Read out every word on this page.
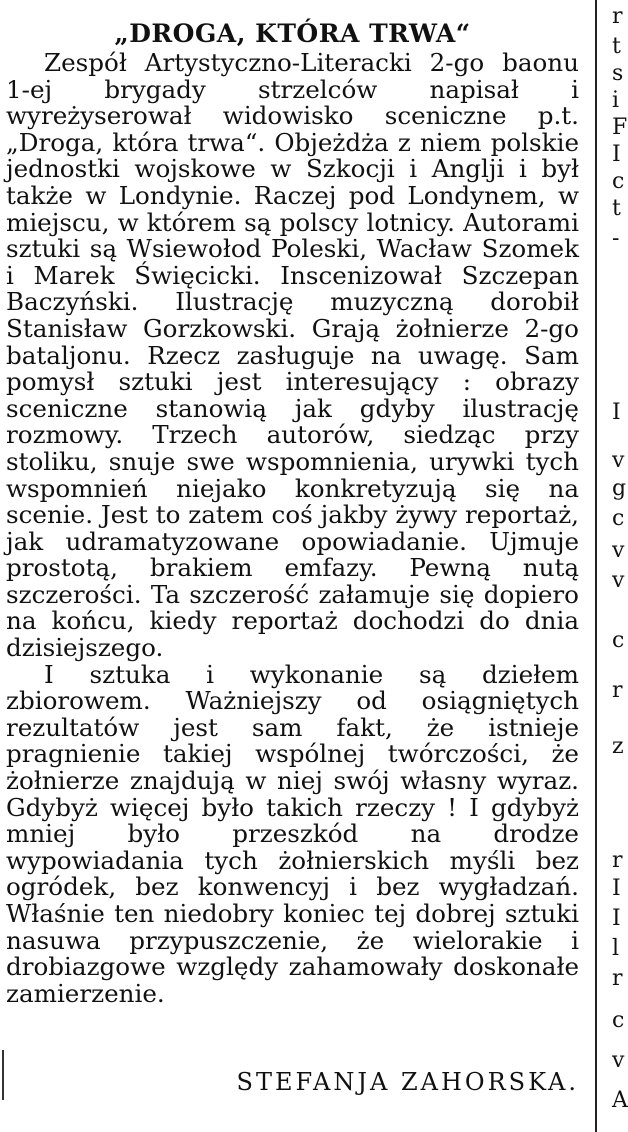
„DROGA, KTÓRA TRWA“

Zespół Artystyczno-Literacki 2-go baonu 1-ej brygady strzelców napisał i wyreżyserował widowisko sceniczne p.t. „Droga, która trwa“. Objeżdża z niem polskie jednostki wojskowe w Szkocji i Anglji i był także w Londynie. Raczej pod Londynem, w miejscu, w którem są polscy lotnicy. Autorami sztuki są Wsiewołod Poleski, Wacław Szomek i Marek Święcicki. Inscenizował Szczepan Baczyński. Ilustrację muzyczną dorobił Stanisław Gorzkowski. Grają żołnierze 2-go bataljonu. Rzecz zasługuje na uwagę. Sam pomysł sztuki jest interesujący : obrazy sceniczne stanowią jak gdyby ilustrację rozmowy. Trzech autorów, siedząc przy stoliku, snuje swe wspomnienia, urywki tych wspomnień niejako konkretyzują się na scenie. Jest to zatem coś jakby żywy reportaż, jak udramatyzowane opowiadanie. Ujmuje prostotą, brakiem emfazy. Pewną nutą szczerości. Ta szczerość załamuje się dopiero na końcu, kiedy reportaż dochodzi do dnia dzisiejszego.

I sztuka i wykonanie są dziełem zbiorowem. Ważniejszy od osiągniętych rezultatów jest sam fakt, że istnieje pragnienie takiej wspólnej twórczości, że żołnierze znajdują w niej swój własny wyraz. Gdybyż więcej było takich rzeczy ! I gdybyż mniej było przeszkód na drodze wypowiadania tych żołnierskich myśli bez ogródek, bez konwencyj i bez wygładzań. Właśnie ten niedobry koniec tej dobrej sztuki nasuwa przypuszczenie, że wielorakie i drobiazgowe względy zahamowały doskonałe zamierzenie.

STEFANJA ZAHORSKA.
r
t
s
i
F
I
c
t
-
I
v
g
c
v
v
c
r
z
r
I
I
l
r
c
v
A
